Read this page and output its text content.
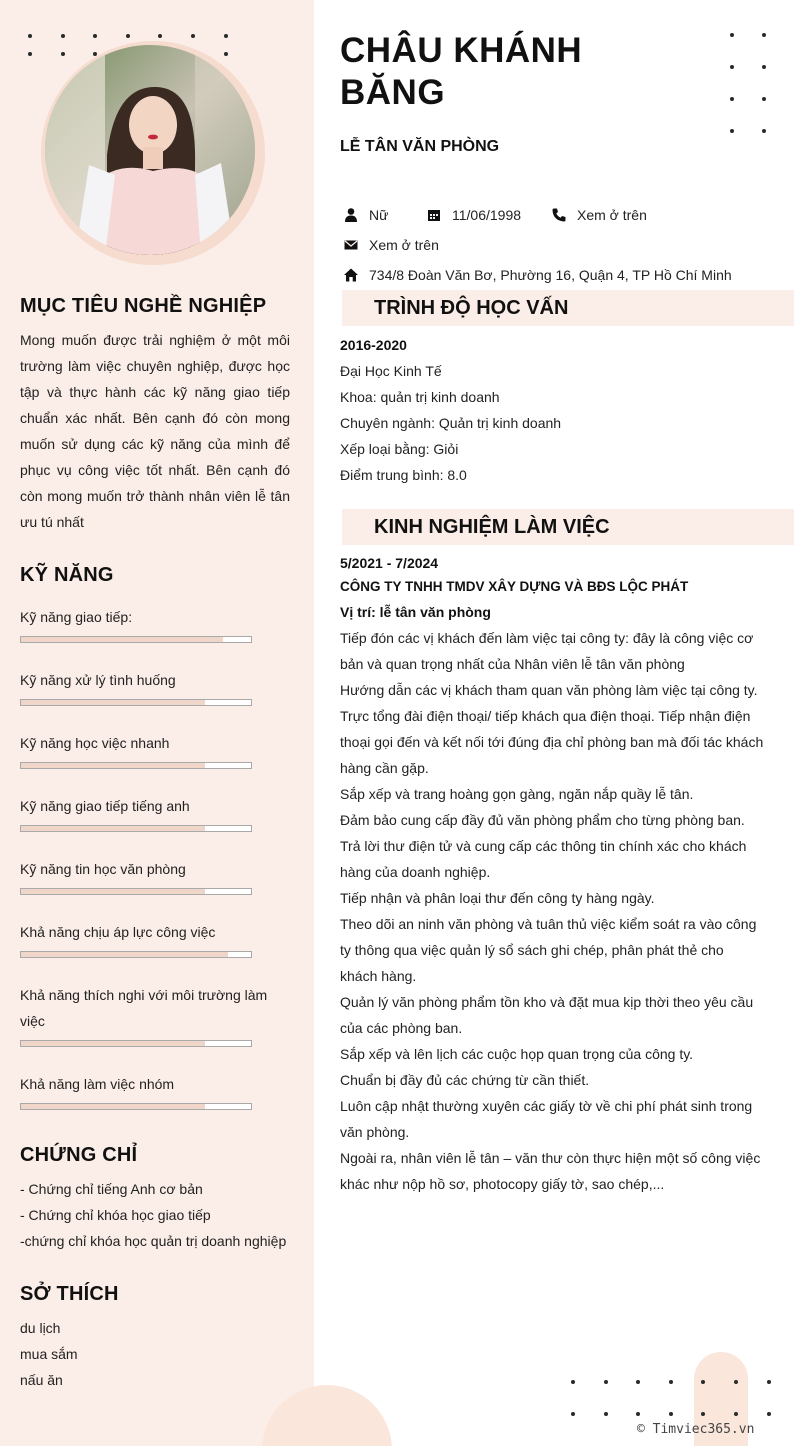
MỤC TIÊU NGHỀ NGHIỆP
Mong muốn được trải nghiệm ở một môi trường làm việc chuyên nghiệp, được học tập và thực hành các kỹ năng giao tiếp chuẩn xác nhất. Bên cạnh đó còn mong muốn sử dụng các kỹ năng của mình để phục vụ công việc tốt nhất. Bên cạnh đó còn mong muốn trở thành nhân viên lễ tân ưu tú nhất
KỸ NĂNG
Kỹ năng giao tiếp:
Kỹ năng xử lý tình huống
Kỹ năng học việc nhanh
Kỹ năng giao tiếp tiếng anh
Kỹ năng tin học văn phòng
Khả năng chịu áp lực công việc
Khả năng thích nghi với môi trường làm việc
Khả năng làm việc nhóm
CHỨNG CHỈ
- Chứng chỉ tiếng Anh cơ bản
- Chứng chỉ khóa học giao tiếp
-chứng chỉ khóa học quản trị doanh nghiệp
SỞ THÍCH
du lịch
mua sắm
nấu ăn
CHÂU KHÁNH BĂNG
LỄ TÂN VĂN PHÒNG
Nữ	11/06/1998	Xem ở trên
Xem ở trên
734/8 Đoàn Văn Bơ, Phường 16, Quận 4, TP Hồ Chí Minh
TRÌNH ĐỘ HỌC VẤN
2016-2020
Đại Học Kinh Tế
Khoa: quản trị kinh doanh
Chuyên ngành: Quản trị kinh doanh
Xếp loại bằng: Giỏi
Điểm trung bình: 8.0
KINH NGHIỆM LÀM VIỆC
5/2021 - 7/2024
CÔNG TY TNHH TMDV XÂY DỰNG VÀ BĐS LỘC PHÁT
Vị trí: lễ tân văn phòng
Tiếp đón các vị khách đến làm việc tại công ty: đây là công việc cơ bản và quan trọng nhất của Nhân viên lễ tân văn phòng
Hướng dẫn các vị khách tham quan văn phòng làm việc tại công ty.
Trực tổng đài điện thoại/ tiếp khách qua điện thoại. Tiếp nhận điện thoại gọi đến và kết nối tới đúng địa chỉ phòng ban mà đối tác khách hàng cần gặp.
Sắp xếp và trang hoàng gọn gàng, ngăn nắp quầy lễ tân.
Đảm bảo cung cấp đầy đủ văn phòng phẩm cho từng phòng ban.
Trả lời thư điện tử và cung cấp các thông tin chính xác cho khách hàng của doanh nghiệp.
Tiếp nhận và phân loại thư đến công ty hàng ngày.
Theo dõi an ninh văn phòng và tuân thủ việc kiểm soát ra vào công ty thông qua việc quản lý sổ sách ghi chép, phân phát thẻ cho khách hàng.
Quản lý văn phòng phẩm tồn kho và đặt mua kịp thời theo yêu cầu của các phòng ban.
Sắp xếp và lên lịch các cuộc họp quan trọng của công ty.
Chuẩn bị đầy đủ các chứng từ cần thiết.
Luôn cập nhật thường xuyên các giấy tờ về chi phí phát sinh trong văn phòng.
Ngoài ra, nhân viên lễ tân – văn thư còn thực hiện một số công việc khác như nộp hồ sơ, photocopy giấy tờ, sao chép,...
© Timviec365.vn
